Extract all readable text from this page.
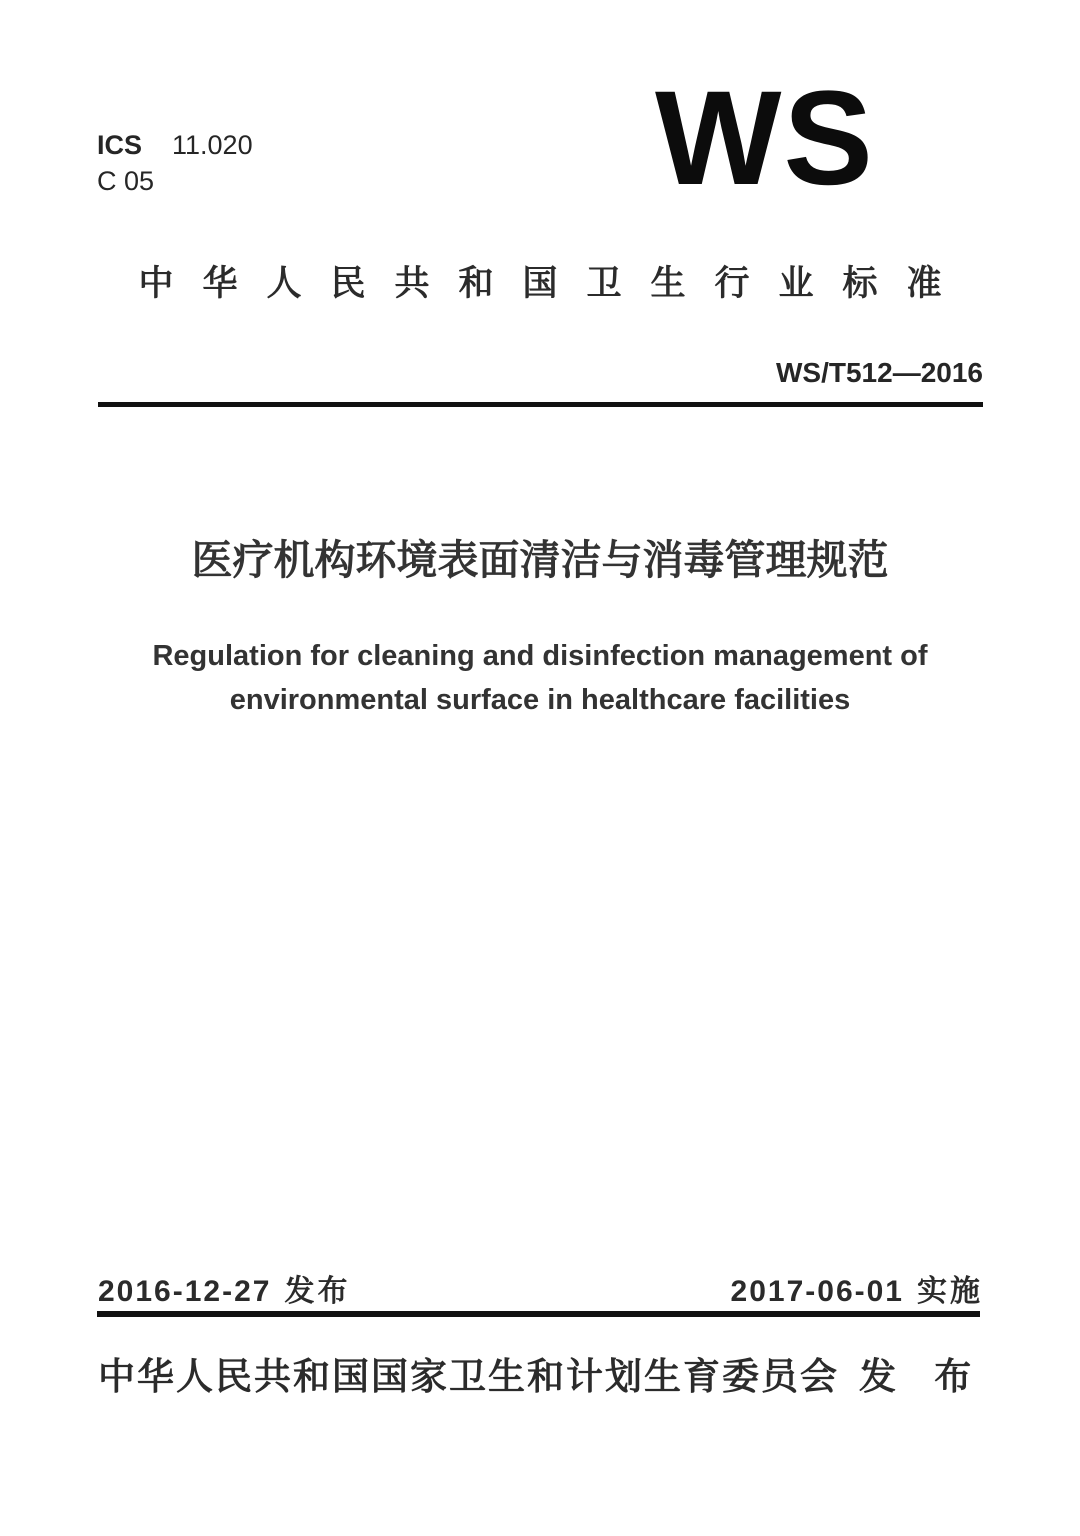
ICS 11.020
C 05	WS
中华人民共和国卫生行业标准
WS/T512—2016
医疗机构环境表面清洁与消毒管理规范
Regulation for cleaning and disinfection management of
environmental surface in healthcare facilities
2016-12-27 发布	2017-06-01 实施
中华人民共和国国家卫生和计划生育委员会 发 布
